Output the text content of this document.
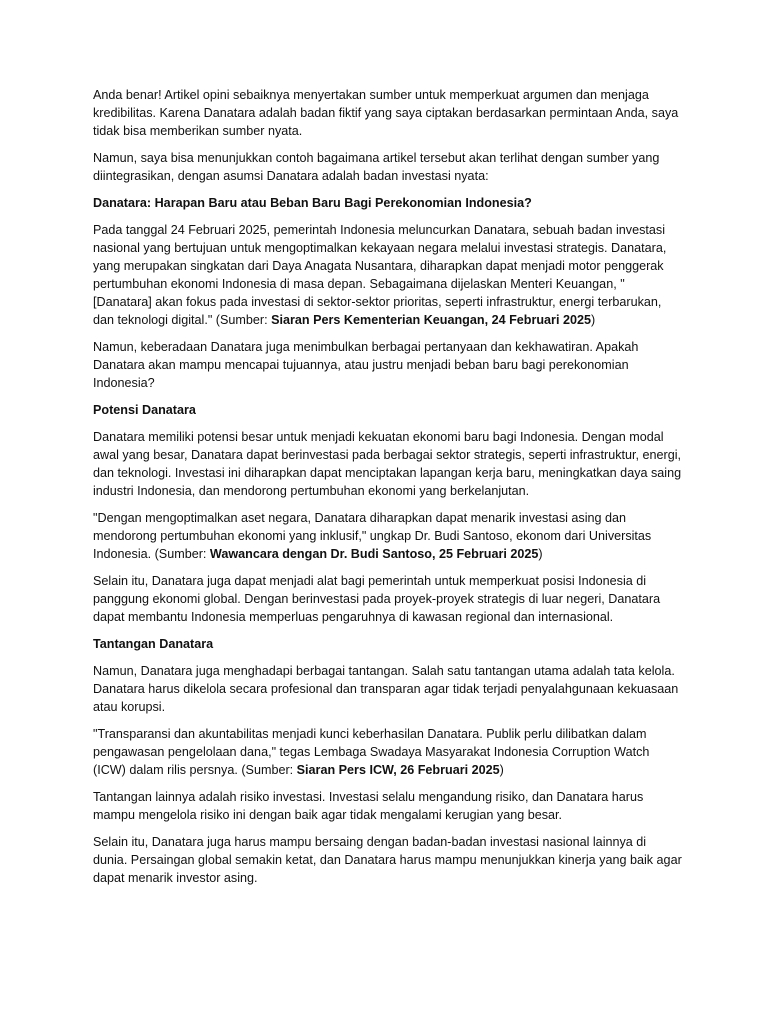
Anda benar! Artikel opini sebaiknya menyertakan sumber untuk memperkuat argumen dan menjaga kredibilitas. Karena Danatara adalah badan fiktif yang saya ciptakan berdasarkan permintaan Anda, saya tidak bisa memberikan sumber nyata.

Namun, saya bisa menunjukkan contoh bagaimana artikel tersebut akan terlihat dengan sumber yang diintegrasikan, dengan asumsi Danatara adalah badan investasi nyata:

Danatara: Harapan Baru atau Beban Baru Bagi Perekonomian Indonesia?

Pada tanggal 24 Februari 2025, pemerintah Indonesia meluncurkan Danatara, sebuah badan investasi nasional yang bertujuan untuk mengoptimalkan kekayaan negara melalui investasi strategis. Danatara, yang merupakan singkatan dari Daya Anagata Nusantara, diharapkan dapat menjadi motor penggerak pertumbuhan ekonomi Indonesia di masa depan. Sebagaimana dijelaskan Menteri Keuangan, "[Danatara] akan fokus pada investasi di sektor-sektor prioritas, seperti infrastruktur, energi terbarukan, dan teknologi digital." (Sumber: Siaran Pers Kementerian Keuangan, 24 Februari 2025)

Namun, keberadaan Danatara juga menimbulkan berbagai pertanyaan dan kekhawatiran. Apakah Danatara akan mampu mencapai tujuannya, atau justru menjadi beban baru bagi perekonomian Indonesia?

Potensi Danatara

Danatara memiliki potensi besar untuk menjadi kekuatan ekonomi baru bagi Indonesia. Dengan modal awal yang besar, Danatara dapat berinvestasi pada berbagai sektor strategis, seperti infrastruktur, energi, dan teknologi. Investasi ini diharapkan dapat menciptakan lapangan kerja baru, meningkatkan daya saing industri Indonesia, dan mendorong pertumbuhan ekonomi yang berkelanjutan.

"Dengan mengoptimalkan aset negara, Danatara diharapkan dapat menarik investasi asing dan mendorong pertumbuhan ekonomi yang inklusif," ungkap Dr. Budi Santoso, ekonom dari Universitas Indonesia. (Sumber: Wawancara dengan Dr. Budi Santoso, 25 Februari 2025)

Selain itu, Danatara juga dapat menjadi alat bagi pemerintah untuk memperkuat posisi Indonesia di panggung ekonomi global. Dengan berinvestasi pada proyek-proyek strategis di luar negeri, Danatara dapat membantu Indonesia memperluas pengaruhnya di kawasan regional dan internasional.

Tantangan Danatara

Namun, Danatara juga menghadapi berbagai tantangan. Salah satu tantangan utama adalah tata kelola. Danatara harus dikelola secara profesional dan transparan agar tidak terjadi penyalahgunaan kekuasaan atau korupsi.

"Transparansi dan akuntabilitas menjadi kunci keberhasilan Danatara. Publik perlu dilibatkan dalam pengawasan pengelolaan dana," tegas Lembaga Swadaya Masyarakat Indonesia Corruption Watch (ICW) dalam rilis persnya. (Sumber: Siaran Pers ICW, 26 Februari 2025)

Tantangan lainnya adalah risiko investasi. Investasi selalu mengandung risiko, dan Danatara harus mampu mengelola risiko ini dengan baik agar tidak mengalami kerugian yang besar.

Selain itu, Danatara juga harus mampu bersaing dengan badan-badan investasi nasional lainnya di dunia. Persaingan global semakin ketat, dan Danatara harus mampu menunjukkan kinerja yang baik agar dapat menarik investor asing.
